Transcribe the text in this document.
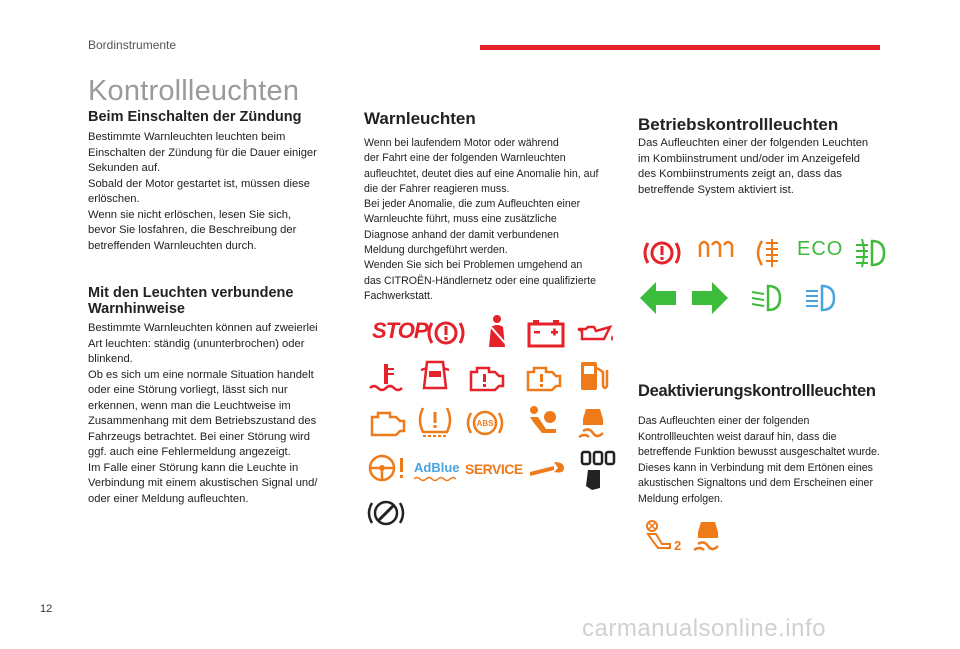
Bordinstrumente
Kontrollleuchten
Beim Einschalten der Zündung

Bestimmte Warnleuchten leuchten beim
Einschalten der Zündung für die Dauer einiger
Sekunden auf.
Sobald der Motor gestartet ist, müssen diese
erlöschen.
Wenn sie nicht erlöschen, lesen Sie sich,
bevor Sie losfahren, die Beschreibung der
betreffenden Warnleuchten durch.

Mit den Leuchten verbundene Warnhinweise

Bestimmte Warnleuchten können auf zweierlei
Art leuchten: ständig (ununterbrochen) oder
blinkend.
Ob es sich um eine normale Situation handelt
oder eine Störung vorliegt, lässt sich nur
erkennen, wenn man die Leuchtweise im
Zusammenhang mit dem Betriebszustand des
Fahrzeugs betrachtet. Bei einer Störung wird
ggf. auch eine Fehlermeldung angezeigt.
Im Falle einer Störung kann die Leuchte in
Verbindung mit einem akustischen Signal und/
oder einer Meldung aufleuchten.

Warnleuchten

Wenn bei laufendem Motor oder während
der Fahrt eine der folgenden Warnleuchten
aufleuchtet, deutet dies auf eine Anomalie hin, auf
die der Fahrer reagieren muss.
Bei jeder Anomalie, die zum Aufleuchten einer
Warnleuchte führt, muss eine zusätzliche
Diagnose anhand der damit verbundenen
Meldung durchgeführt werden.
Wenden Sie sich bei Problemen umgehend an
das CITROËN-Händlernetz oder eine qualifizierte
Fachwerkstatt.

STOP
ABS
AdBlue SERVICE
Betriebskontrollleuchten

Das Aufleuchten einer der folgenden Leuchten
im Kombiinstrument und/oder im Anzeigefeld
des Kombiinstruments zeigt an, dass das
betreffende System aktiviert ist.

ECO
Deaktivierungskontrollleuchten

Das Aufleuchten einer der folgenden
Kontrollleuchten weist darauf hin, dass die
betreffende Funktion bewusst ausgeschaltet wurde.
Dieses kann in Verbindung mit dem Ertönen eines
akustischen Signaltons und dem Erscheinen einer
Meldung erfolgen.

2
12
carmanualsonline.info
